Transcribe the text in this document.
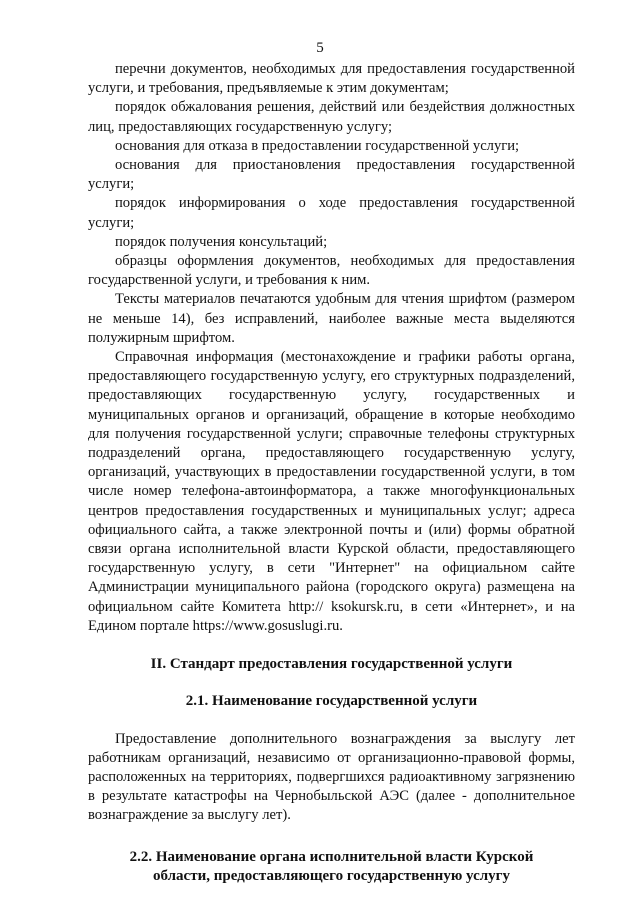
5

перечни документов, необходимых для предоставления государственной услуги, и требования, предъявляемые к этим документам;

порядок обжалования решения, действий или бездействия должностных лиц, предоставляющих государственную услугу;

основания для отказа в предоставлении государственной услуги;

основания для приостановления предоставления государственной услуги;

порядок информирования о ходе предоставления государственной услуги;

порядок получения консультаций;

образцы оформления документов, необходимых для предоставления государственной услуги, и требования к ним.

Тексты материалов печатаются удобным для чтения шрифтом (размером не меньше 14), без исправлений, наиболее важные места выделяются полужирным шрифтом.

Справочная информация (местонахождение и графики работы органа, предоставляющего государственную услугу, его структурных подразделений, предоставляющих государственную услугу, государственных и муниципальных органов и организаций, обращение в которые необходимо для получения государственной услуги; справочные телефоны структурных подразделений органа, предоставляющего государственную услугу, организаций, участвующих в предоставлении государственной услуги, в том числе номер телефона-автоинформатора, а также многофункциональных центров предоставления государственных и муниципальных услуг; адреса официального сайта, а также электронной почты и (или) формы обратной связи органа исполнительной власти Курской области, предоставляющего государственную услугу, в сети "Интернет" на официальном сайте Администрации муниципального района (городского округа) размещена на официальном сайте Комитета http:// ksokursk.ru, в сети «Интернет», и на Едином портале https://www.gosuslugi.ru.

II. Стандарт предоставления государственной услуги

2.1. Наименование государственной услуги

Предоставление дополнительного вознаграждения за выслугу лет работникам организаций, независимо от организационно-правовой формы, расположенных на территориях, подвергшихся радиоактивному загрязнению в результате катастрофы на Чернобыльской АЭС (далее - дополнительное вознаграждение за выслугу лет).

2.2. Наименование органа исполнительной власти Курской

области, предоставляющего государственную услугу
